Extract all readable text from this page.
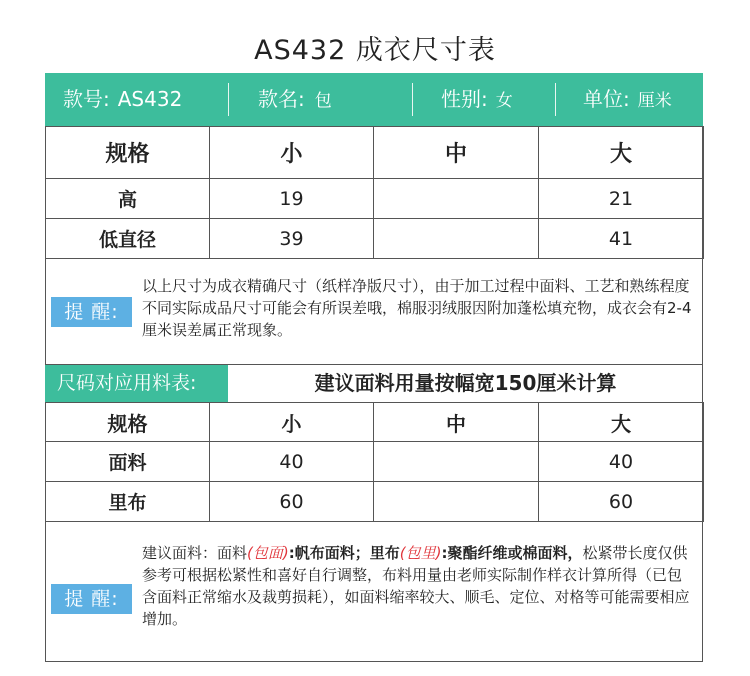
AS432 成衣尺寸表
款号: AS432	款名: 包	性别: 女	单位: 厘米
规格	小	中	大
高	19		21
低直径	39		41
以上尺寸为成衣精确尺寸（纸样净版尺寸），由于加工过程中面料、工艺和熟练程度不同实际成品尺寸可能会有所误差哦，棉服羽绒服因附加蓬松填充物，成衣会有2-4厘米误差属正常现象。
提 醒:
尺码对应用料表:	建议面料用量按幅宽150厘米计算
规格	小	中	大
面料	40		40
里布	60		60
建议面料：面料(包面):帆布面料；里布(包里):聚酯纤维或棉面料，松紧带长度仅供参考可根据松紧性和喜好自行调整，布料用量由老师实际制作样衣计算所得（已包含面料正常缩水及裁剪损耗），如面料缩率较大、顺毛、定位、对格等可能需要相应增加。
提 醒:
